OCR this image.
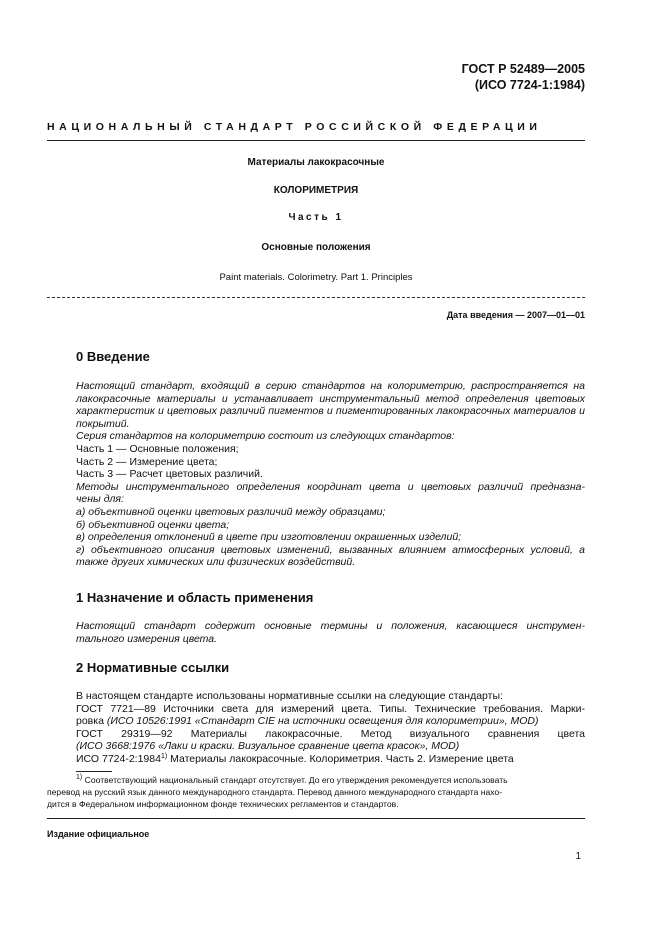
ГОСТ Р 52489—2005
(ИСО 7724-1:1984)
НАЦИОНАЛЬНЫЙ СТАНДАРТ РОССИЙСКОЙ ФЕДЕРАЦИИ
Материалы лакокрасочные
КОЛОРИМЕТРИЯ
Часть 1
Основные положения
Paint materials. Colorimetry. Part 1. Principles
Дата введения — 2007—01—01
0 Введение
Настоящий стандарт, входящий в серию стандартов на колориметрию, распространяется на
лакокрасочные материалы и устанавливает инструментальный метод определения цветовых
характеристик и цветовых различий пигментов и пигментированных лакокрасочных материалов и
покрытий.
Серия стандартов на колориметрию состоит из следующих стандартов:
Часть 1 — Основные положения;
Часть 2 — Измерение цвета;
Часть 3 — Расчет цветовых различий.
Методы инструментального определения координат цвета и цветовых различий предназна-
чены для:
а) объективной оценки цветовых различий между образцами;
б) объективной оценки цвета;
в) определения отклонений в цвете при изготовлении окрашенных изделий;
г) объективного описания цветовых изменений, вызванных влиянием атмосферных условий, а
также других химических или физических воздействий.
1 Назначение и область применения
Настоящий стандарт содержит основные термины и положения, касающиеся инструмен-
тального измерения цвета.
2 Нормативные ссылки
В настоящем стандарте использованы нормативные ссылки на следующие стандарты:
ГОСТ 7721—89 Источники света для измерений цвета. Типы. Технические требования. Марки-
ровка (ИСО 10526:1991 «Стандарт CIE на источники освещения для колориметрии», MOD)
ГОСТ 29319—92 Материалы лакокрасочные. Метод визуального сравнения цвета
(ИСО 3668:1976 «Лаки и краски. Визуальное сравнение цвета красок», MOD)
ИСО 7724-2:1984$^{1)}$ Материалы лакокрасочные. Колориметрия. Часть 2. Измерение цвета
$^{1)}$ Соответствующий национальный стандарт отсутствует. До его утверждения рекомендуется использовать
перевод на русский язык данного международного стандарта. Перевод данного международного стандарта нахо-
дится в Федеральном информационном фонде технических регламентов и стандартов.
Издание официальное
1
